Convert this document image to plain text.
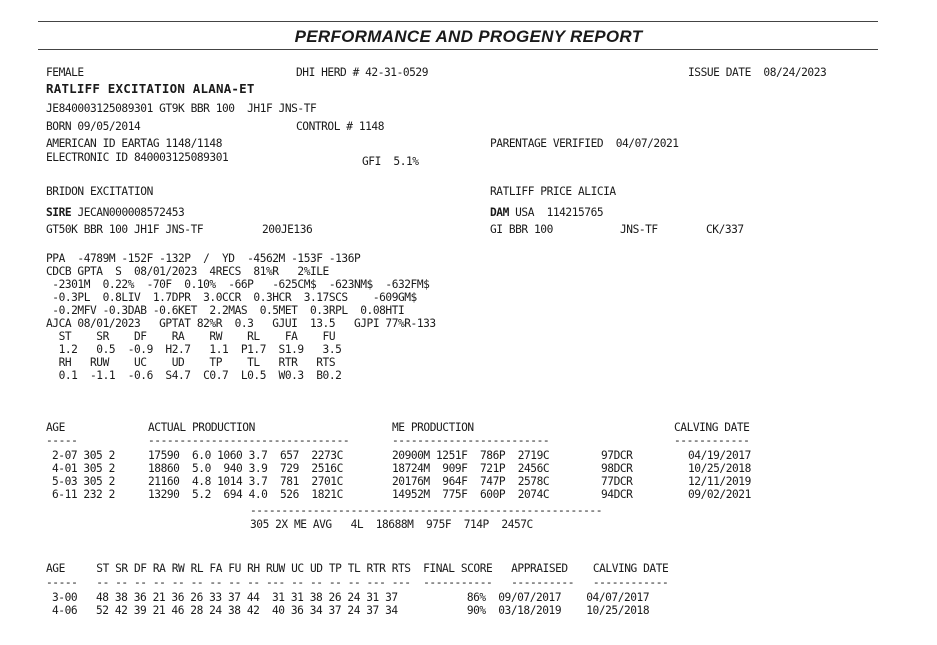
PERFORMANCE AND PROGENY REPORT
FEMALE	DHI HERD # 42-31-0529	ISSUE DATE  08/24/2023
RATLIFF EXCITATION ALANA-ET
JE840003125089301 GT9K BBR 100  JH1F JNS-TF
BORN 09/05/2014	CONTROL # 1148
AMERICAN ID EARTAG 1148/1148	PARENTAGE VERIFIED  04/07/2021
ELECTRONIC ID 840003125089301	GFI  5.1%
BRIDON EXCITATION	RATLIFF PRICE ALICIA
SIRE JECAN000008572453	DAM USA  114215765
GT50K BBR 100 JH1F JNS-TF	200JE136	GI BBR 100	JNS-TF	CK/337
PPA  -4789M -152F -132P  /  YD  -4562M -153F -136P
CDCB GPTA  S  08/01/2023  4RECS  81%R   2%ILE
-2301M  0.22%  -70F  0.10%  -66P   -625CM$  -623NM$  -632FM$
-0.3PL  0.8LIV  1.7DPR  3.0CCR  0.3HCR  3.17SCS    -609GM$
-0.2MFV -0.3DAB -0.6KET  2.2MAS  0.5MET  0.3RPL  0.08HTI
AJCA 08/01/2023   GPTAT 82%R  0.3   GJUI  13.5   GJPI 77%R-133
ST    SR    DF    RA    RW    RL    FA    FU
1.2   0.5  -0.9  H2.7   1.1  P1.7  S1.9   3.5
RH   RUW    UC    UD    TP    TL   RTR   RTS
0.1  -1.1  -0.6  S4.7  C0.7  L0.5  W0.3  B0.2
AGE	ACTUAL PRODUCTION	ME PRODUCTION	CALVING DATE
-----	--------------------------------	-------------------------	------------
2-07 305 2	17590  6.0 1060 3.7  657  2273C	20900M 1251F  786P  2719C	97DCR	04/19/2017
4-01 305 2	18860  5.0  940 3.9  729  2516C	18724M  909F  721P  2456C	98DCR	10/25/2018
5-03 305 2	21160  4.8 1014 3.7  781  2701C	20176M  964F  747P  2578C	77DCR	12/11/2019
6-11 232 2	13290  5.2  694 4.0  526  1821C	14952M  775F  600P  2074C	94DCR	09/02/2021
--------------------------------------------------------
305 2X ME AVG   4L  18688M  975F  714P  2457C
AGE     ST SR DF RA RW RL FA FU RH RUW UC UD TP TL RTR RTS  FINAL SCORE   APPRAISED    CALVING DATE
-----   -- -- -- -- -- -- -- -- -- --- -- -- -- -- --- ---  -----------   ----------   ------------
3-00   48 38 36 21 36 26 33 37 44  31 31 38 26 24 31 37           86%  09/07/2017    04/07/2017
4-06   52 42 39 21 46 28 24 38 42  40 36 34 37 24 37 34           90%  03/18/2019    10/25/2018
